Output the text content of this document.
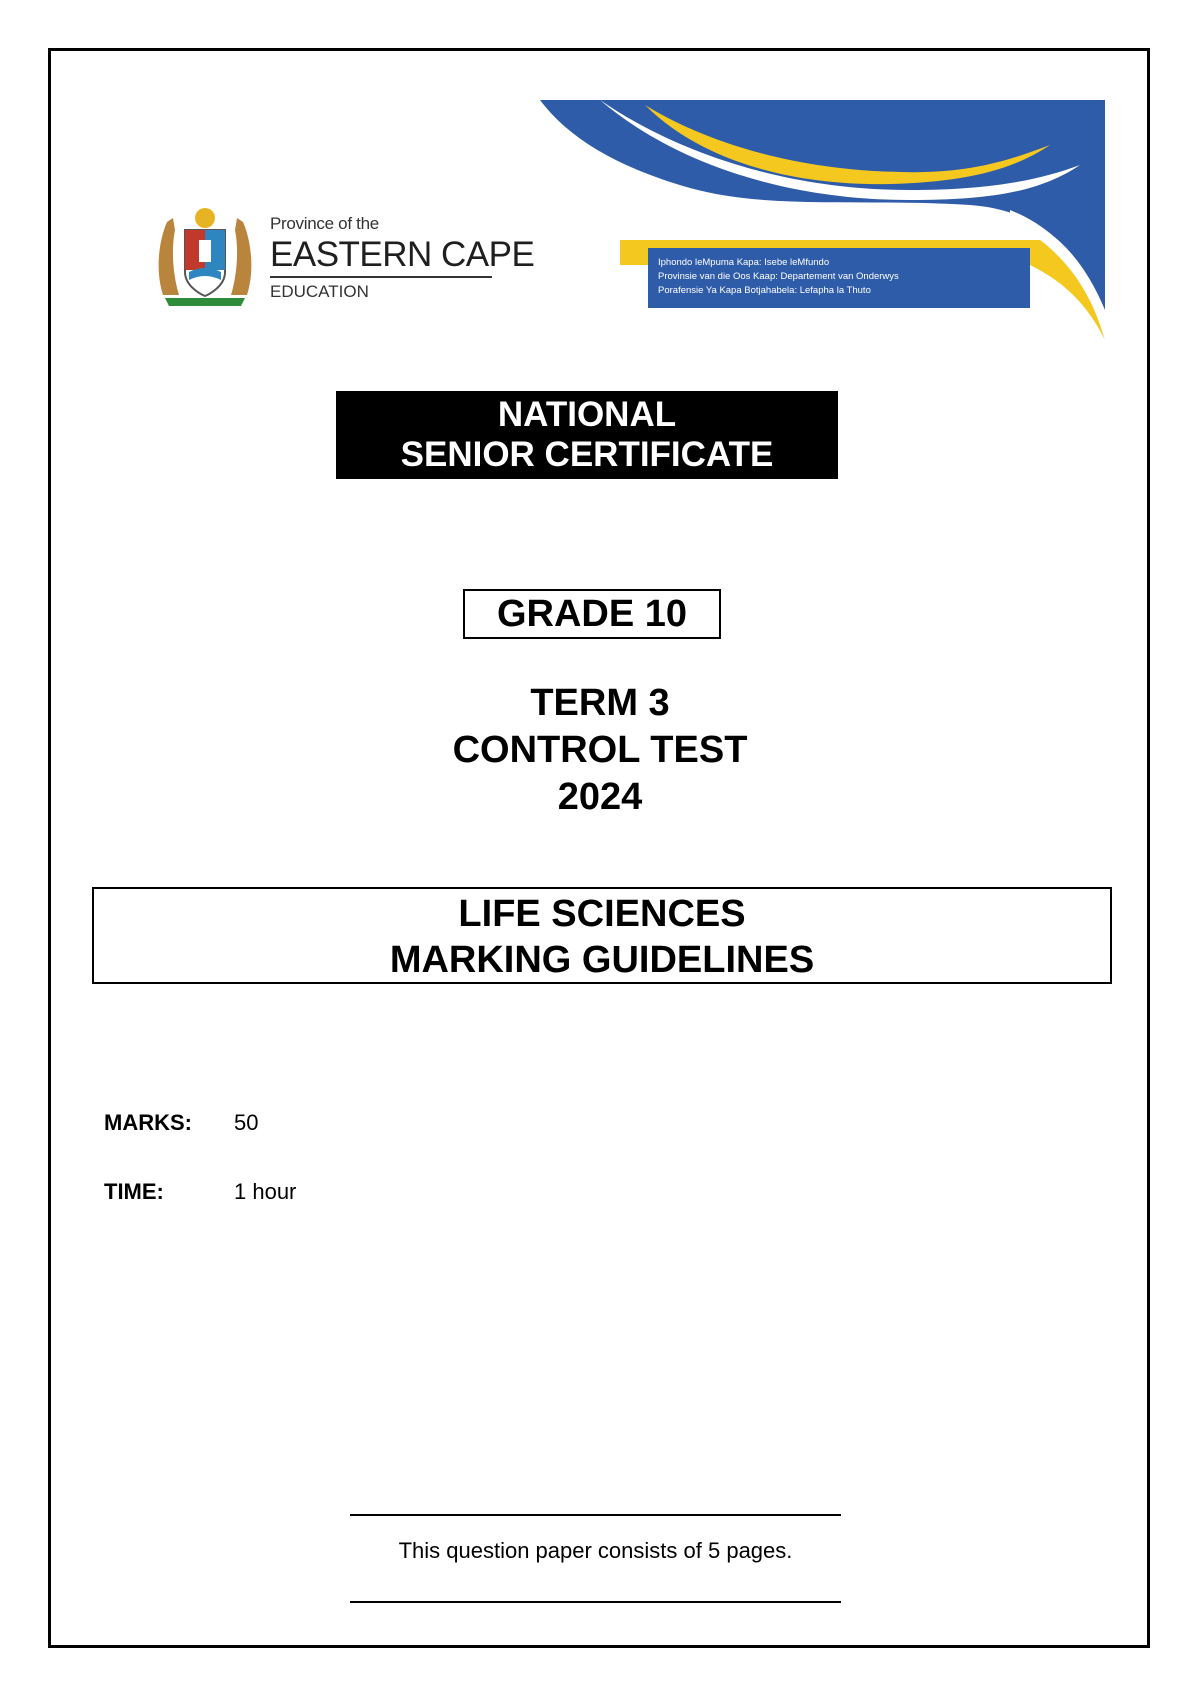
Province of the
EASTERN CAPE
EDUCATION
Iphondo leMpuma Kapa: Isebe leMfundo
Provinsie van die Oos Kaap: Departement van Onderwys
Porafensie Ya Kapa Botjahabela: Lefapha la Thuto
NATIONAL
SENIOR CERTIFICATE
GRADE 10
TERM 3
CONTROL TEST
2024
LIFE SCIENCES
MARKING GUIDELINES
MARKS: 50
TIME:	1 hour
This question paper consists of 5 pages.
